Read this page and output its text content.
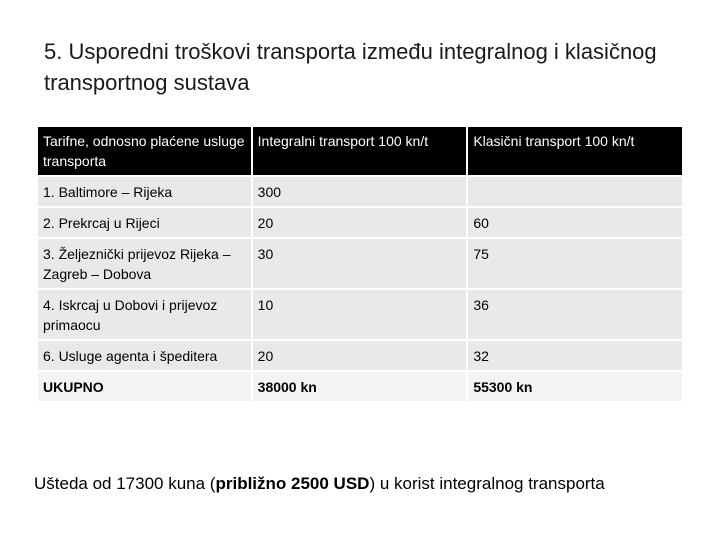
5. Usporedni troškovi transporta između integralnog i klasičnog transportnog sustava
Tarifne, odnosno plaćene usluge transporta	Integralni transport 100 kn/t	Klasični transport 100 kn/t
1. Baltimore – Rijeka	300	
2. Prekrcaj u Rijeci	20	60
3. Željeznički prijevoz Rijeka – Zagreb – Dobova	30	75
4. Iskrcaj u Dobovi i prijevoz primaocu	10	36
6. Usluge agenta i špeditera	20	32
UKUPNO	38000 kn	55300 kn
Ušteda od 17300 kuna (približno 2500 USD) u korist integralnog transporta
